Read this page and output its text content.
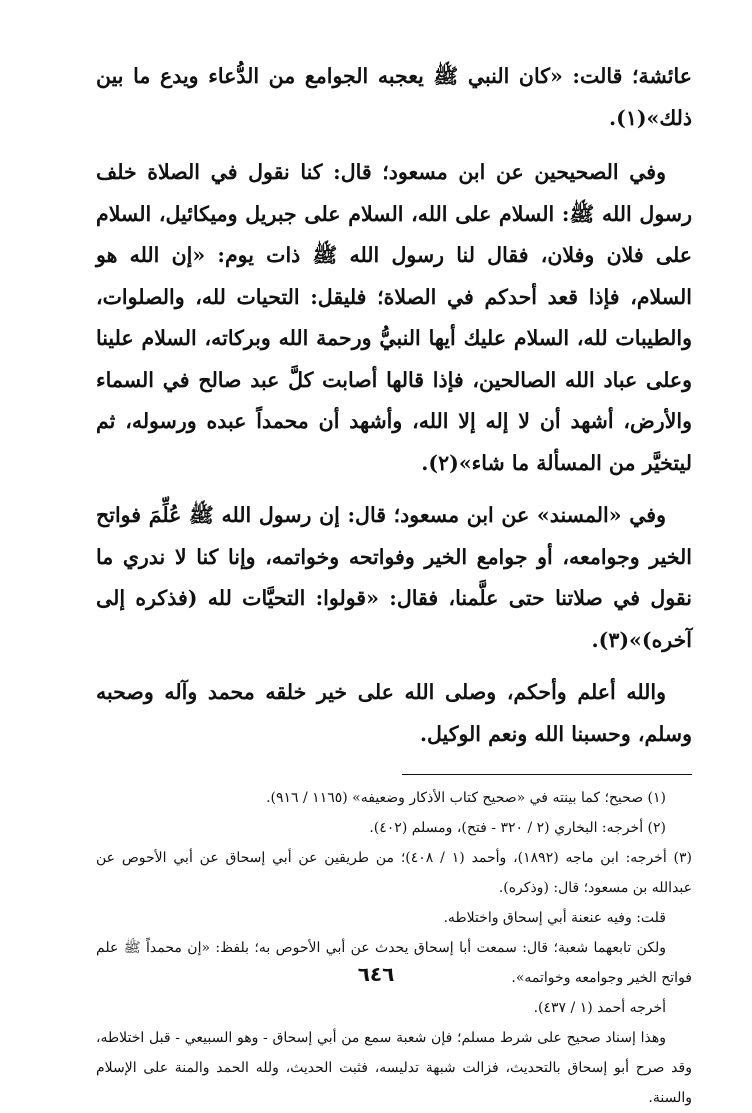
عائشة؛ قالت: «كان النبي ﷺ يعجبه الجوامع من الدُّعاء ويدع ما بين ذلك»(١).

وفي الصحيحين عن ابن مسعود؛ قال: كنا نقول في الصلاة خلف رسول الله ﷺ: السلام على الله، السلام على جبريل وميكائيل، السلام على فلان وفلان، فقال لنا رسول الله ﷺ ذات يوم: «إن الله هو السلام، فإذا قعد أحدكم في الصلاة؛ فليقل: التحيات لله، والصلوات، والطيبات لله، السلام عليك أيها النبيُّ ورحمة الله وبركاته، السلام علينا وعلى عباد الله الصالحين، فإذا قالها أصابت كلَّ عبد صالح في السماء والأرض، أشهد أن لا إله إلا الله، وأشهد أن محمداً عبده ورسوله، ثم ليتخيَّر من المسألة ما شاء»(٢).

وفي «المسند» عن ابن مسعود؛ قال: إن رسول الله ﷺ عُلِّمَ فواتح الخير وجوامعه، أو جوامع الخير وفواتحه وخواتمه، وإنا كنا لا ندري ما نقول في صلاتنا حتى علَّمنا، فقال: «قولوا: التحيَّات لله (فذكره إلى آخره)»(٣).

والله أعلم وأحكم، وصلى الله على خير خلقه محمد وآله وصحبه وسلم، وحسبنا الله ونعم الوكيل.

(١) صحيح؛ كما بينته في «صحيح كتاب الأذكار وضعيفه» (١١٦٥ / ٩١٦).

(٢) أخرجه: البخاري (٢ / ٣٢٠ - فتح)، ومسلم (٤٠٢).

(٣) أخرجه: ابن ماجه (١٨٩٢)، وأحمد (١ / ٤٠٨)؛ من طريقين عن أبي إسحاق عن أبي الأحوص عن عبدالله بن مسعود؛ قال: (وذكره).

قلت: وفيه عنعنة أبي إسحاق واختلاطه.

ولكن تابعهما شعبة؛ قال: سمعت أبا إسحاق يحدث عن أبي الأحوص به؛ بلفظ: «إن محمداً ﷺ علم فواتح الخير وجوامعه وخواتمه».

أخرجه أحمد (١ / ٤٣٧).

وهذا إسناد صحيح على شرط مسلم؛ فإن شعبة سمع من أبي إسحاق - وهو السبيعي - قبل اختلاطه، وقد صرح أبو إسحاق بالتحديث، فزالت شبهة تدليسه، فثبت الحديث، ولله الحمد والمنة على الإسلام والسنة.

٦٤٦
